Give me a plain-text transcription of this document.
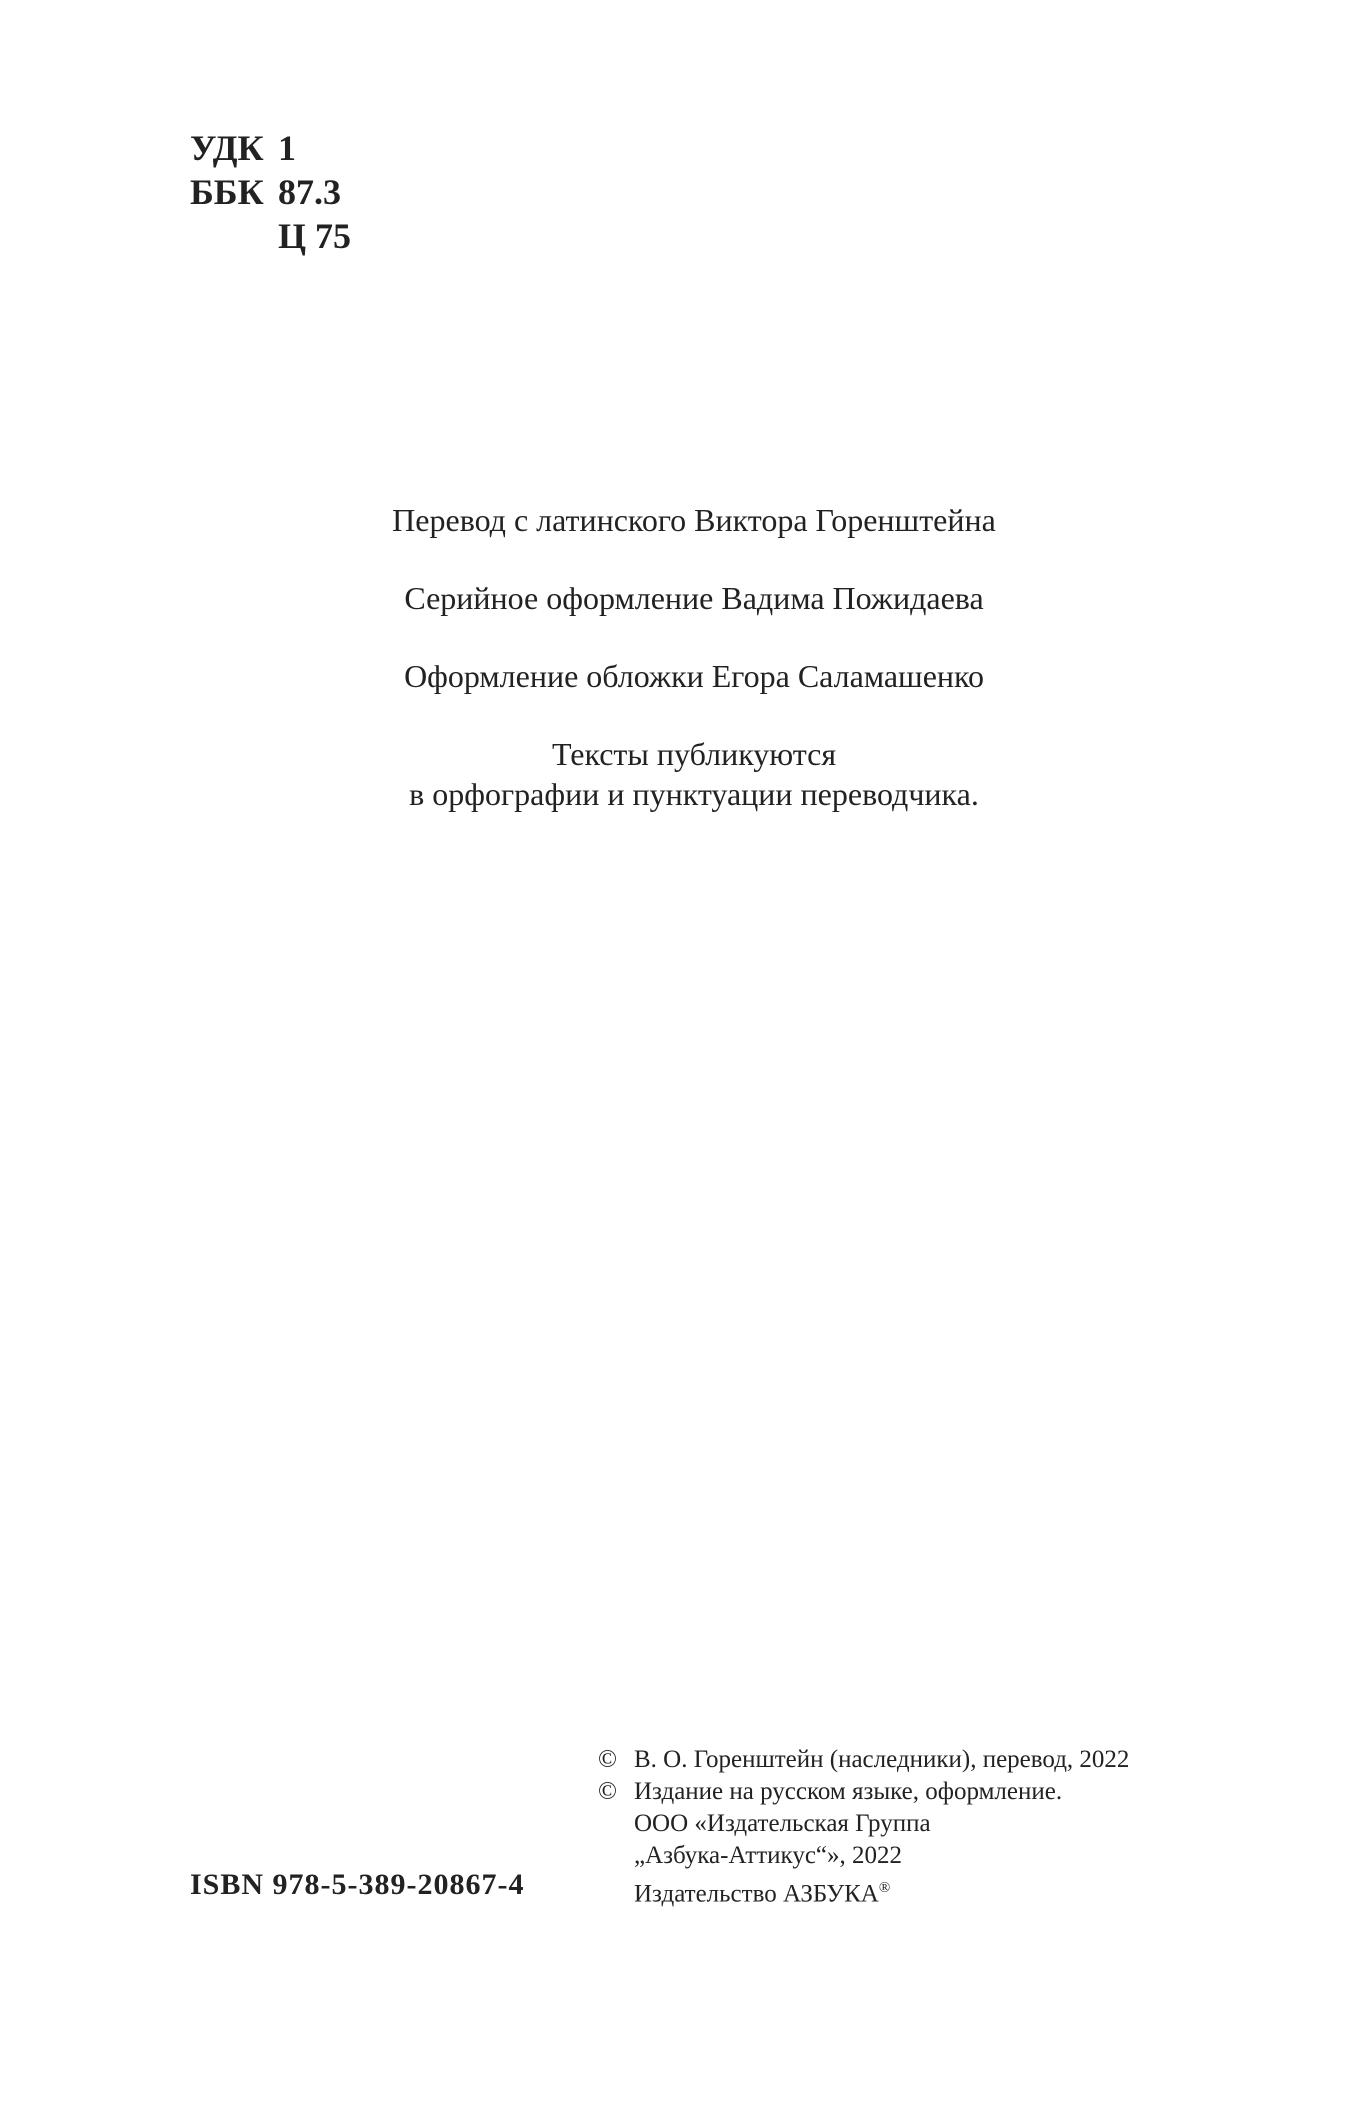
УДК 1
ББК 87.3
Ц 75

Перевод с латинского Виктора Горенштейна

Серийное оформление Вадима Пожидаева

Оформление обложки Егора Саламашенко

Тексты публикуются
в орфографии и пунктуации переводчика.
ISBN 978-5-389-20867-4
© В. О. Горенштейн (наследники), перевод, 2022
© Издание на русском языке, оформление.
ООО «Издательская Группа
„Азбука-Аттикус“», 2022
Издательство АЗБУКА®
